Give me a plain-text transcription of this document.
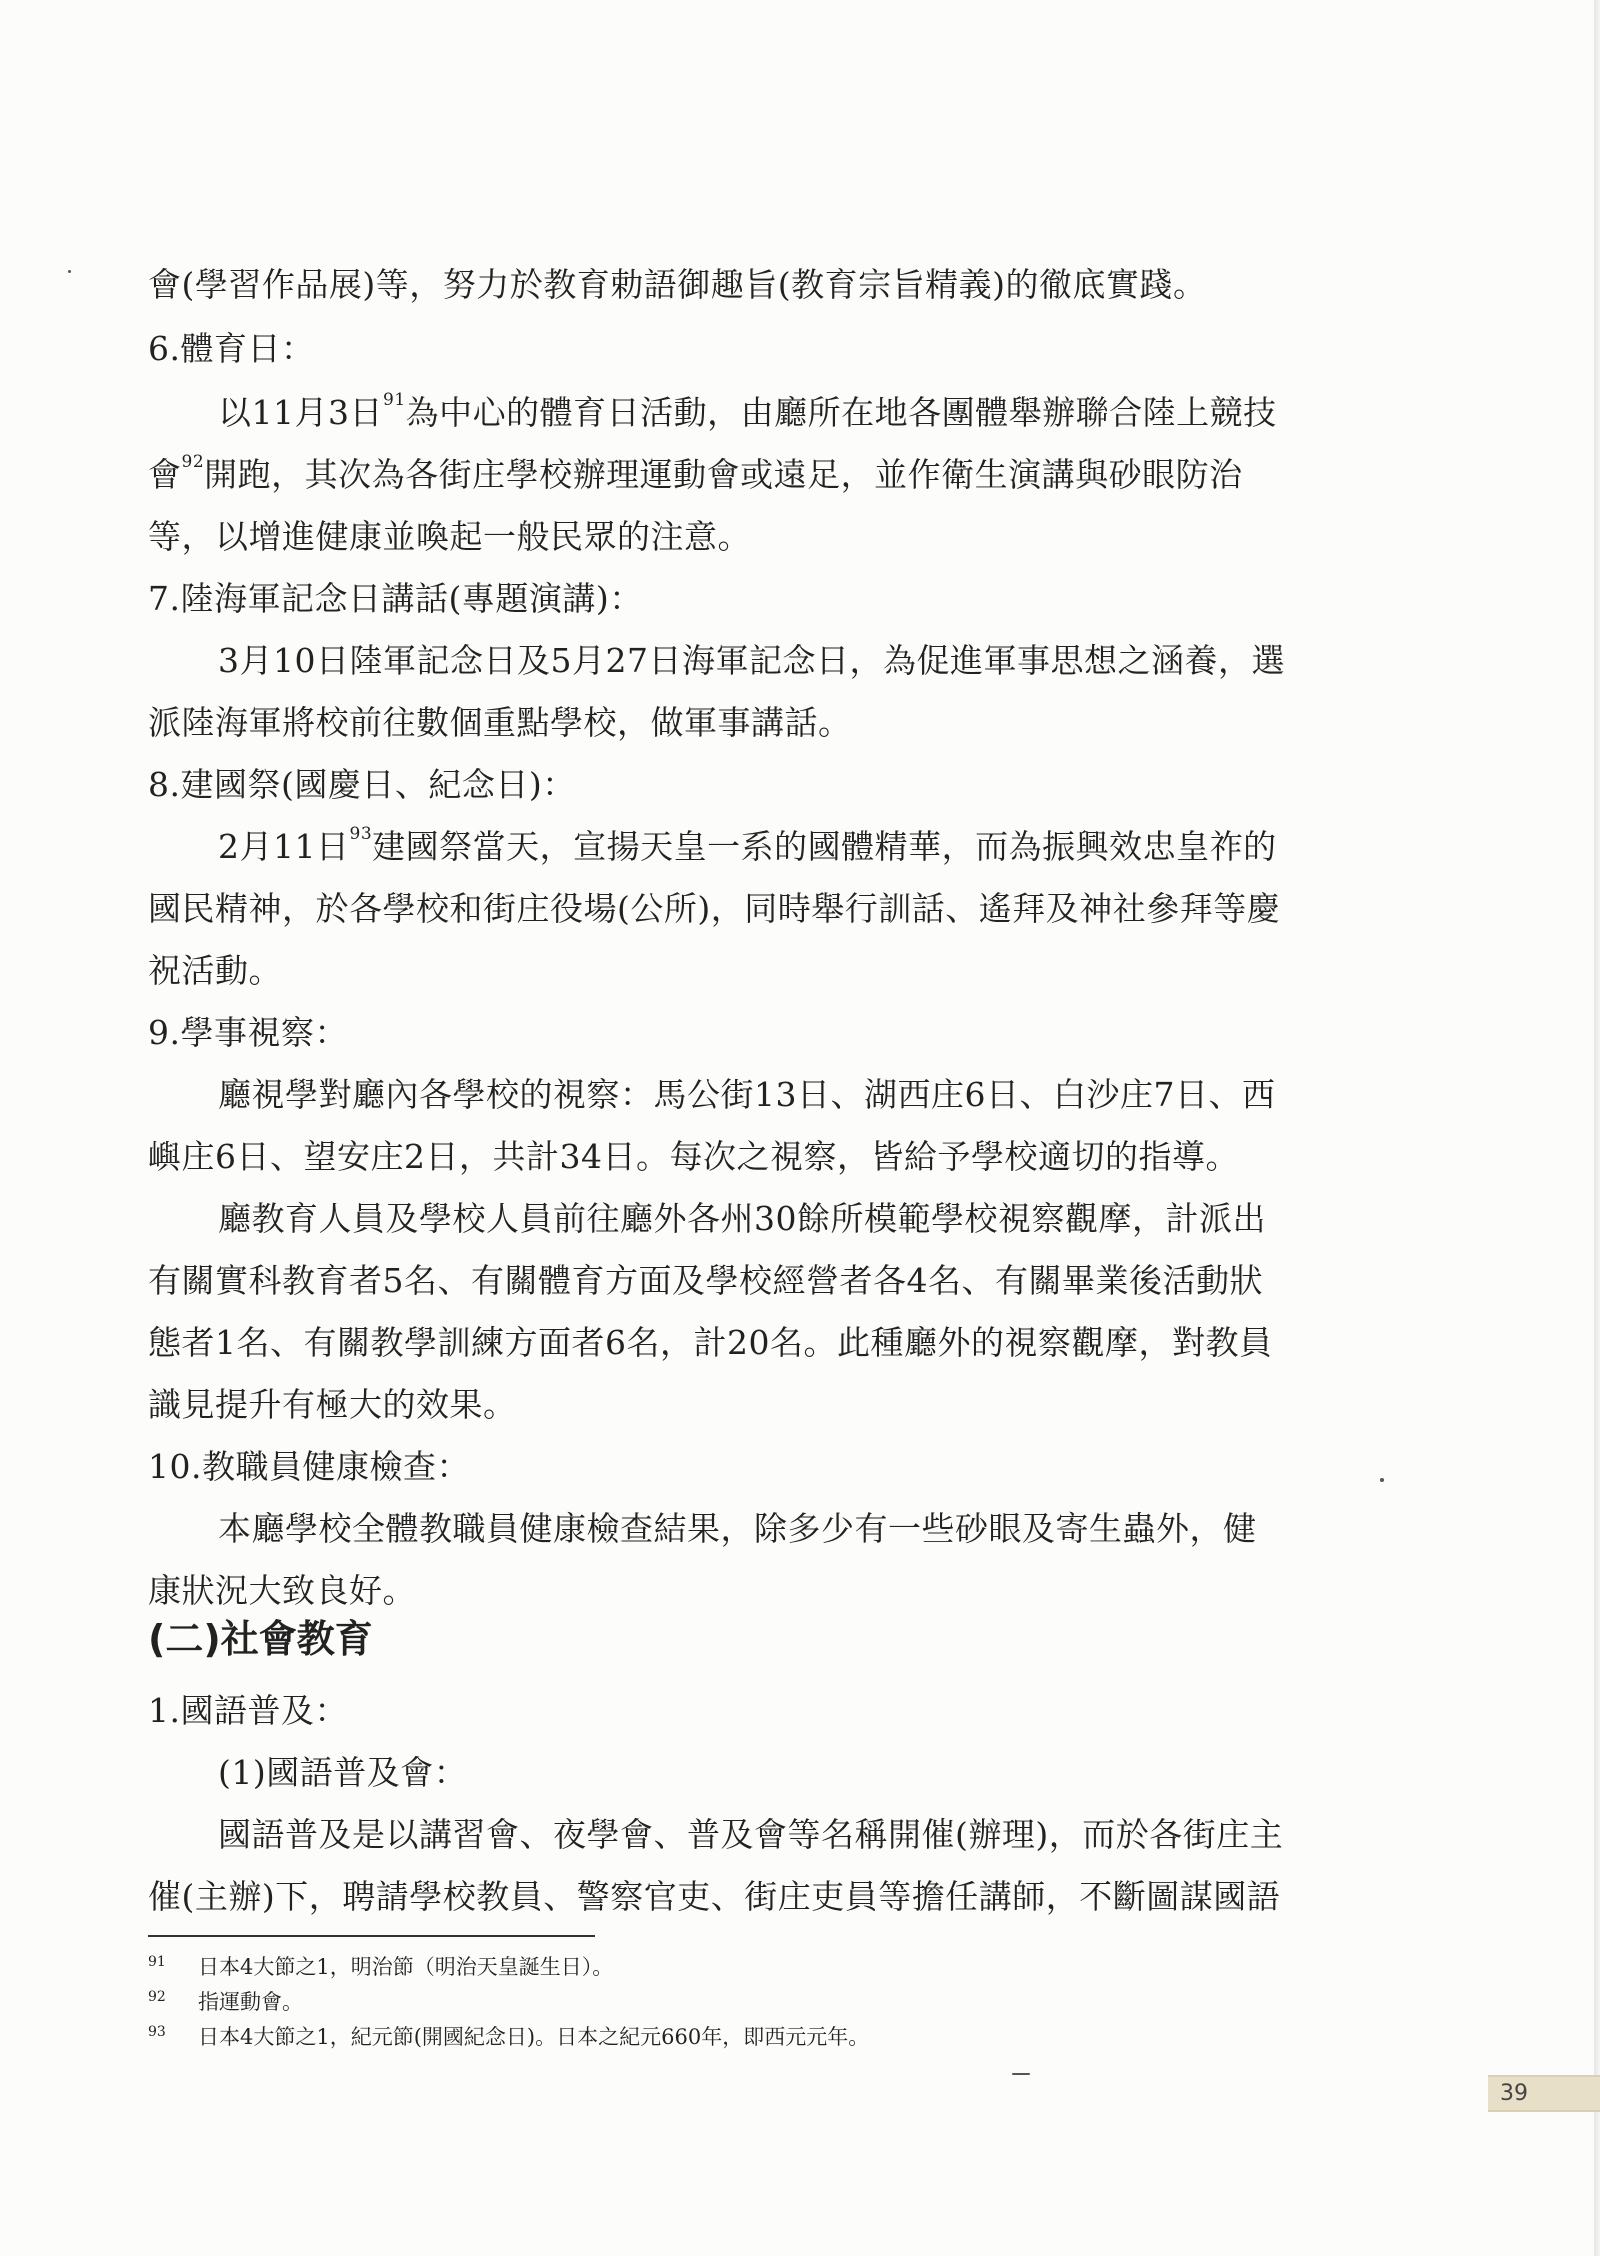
會(學習作品展)等，努力於教育勅語御趣旨(教育宗旨精義)的徹底實踐。
6.體育日：
以11月3日$^{91}$為中心的體育日活動，由廳所在地各團體舉辦聯合陸上競技
會$^{92}$開跑，其次為各街庄學校辦理運動會或遠足，並作衛生演講與砂眼防治
等，以增進健康並喚起一般民眾的注意。
7.陸海軍記念日講話(專題演講)：
3月10日陸軍記念日及5月27日海軍記念日，為促進軍事思想之涵養，選
派陸海軍將校前往數個重點學校，做軍事講話。
8.建國祭(國慶日、紀念日)：
2月11日$^{93}$建國祭當天，宣揚天皇一系的國體精華，而為振興效忠皇祚的
國民精神，於各學校和街庄役場(公所)，同時舉行訓話、遙拜及神社參拜等慶
祝活動。
9.學事視察：
廳視學對廳內各學校的視察：馬公街13日、湖西庄6日、白沙庄7日、西
嶼庄6日、望安庄2日，共計34日。每次之視察，皆給予學校適切的指導。
廳教育人員及學校人員前往廳外各州30餘所模範學校視察觀摩，計派出
有關實科教育者5名、有關體育方面及學校經營者各4名、有關畢業後活動狀
態者1名、有關教學訓練方面者6名，計20名。此種廳外的視察觀摩，對教員
識見提升有極大的效果。
10.教職員健康檢查：
本廳學校全體教職員健康檢查結果，除多少有一些砂眼及寄生蟲外，健
康狀況大致良好。
(二)社會教育
1.國語普及：
(1)國語普及會：
國語普及是以講習會、夜學會、普及會等名稱開催(辦理)，而於各街庄主
催(主辦)下，聘請學校教員、警察官吏、街庄吏員等擔任講師，不斷圖謀國語
91 日本4大節之1，明治節（明治天皇誕生日）。
92 指運動會。
93 日本4大節之1，紀元節(開國紀念日)。日本之紀元660年，即西元元年。
39
